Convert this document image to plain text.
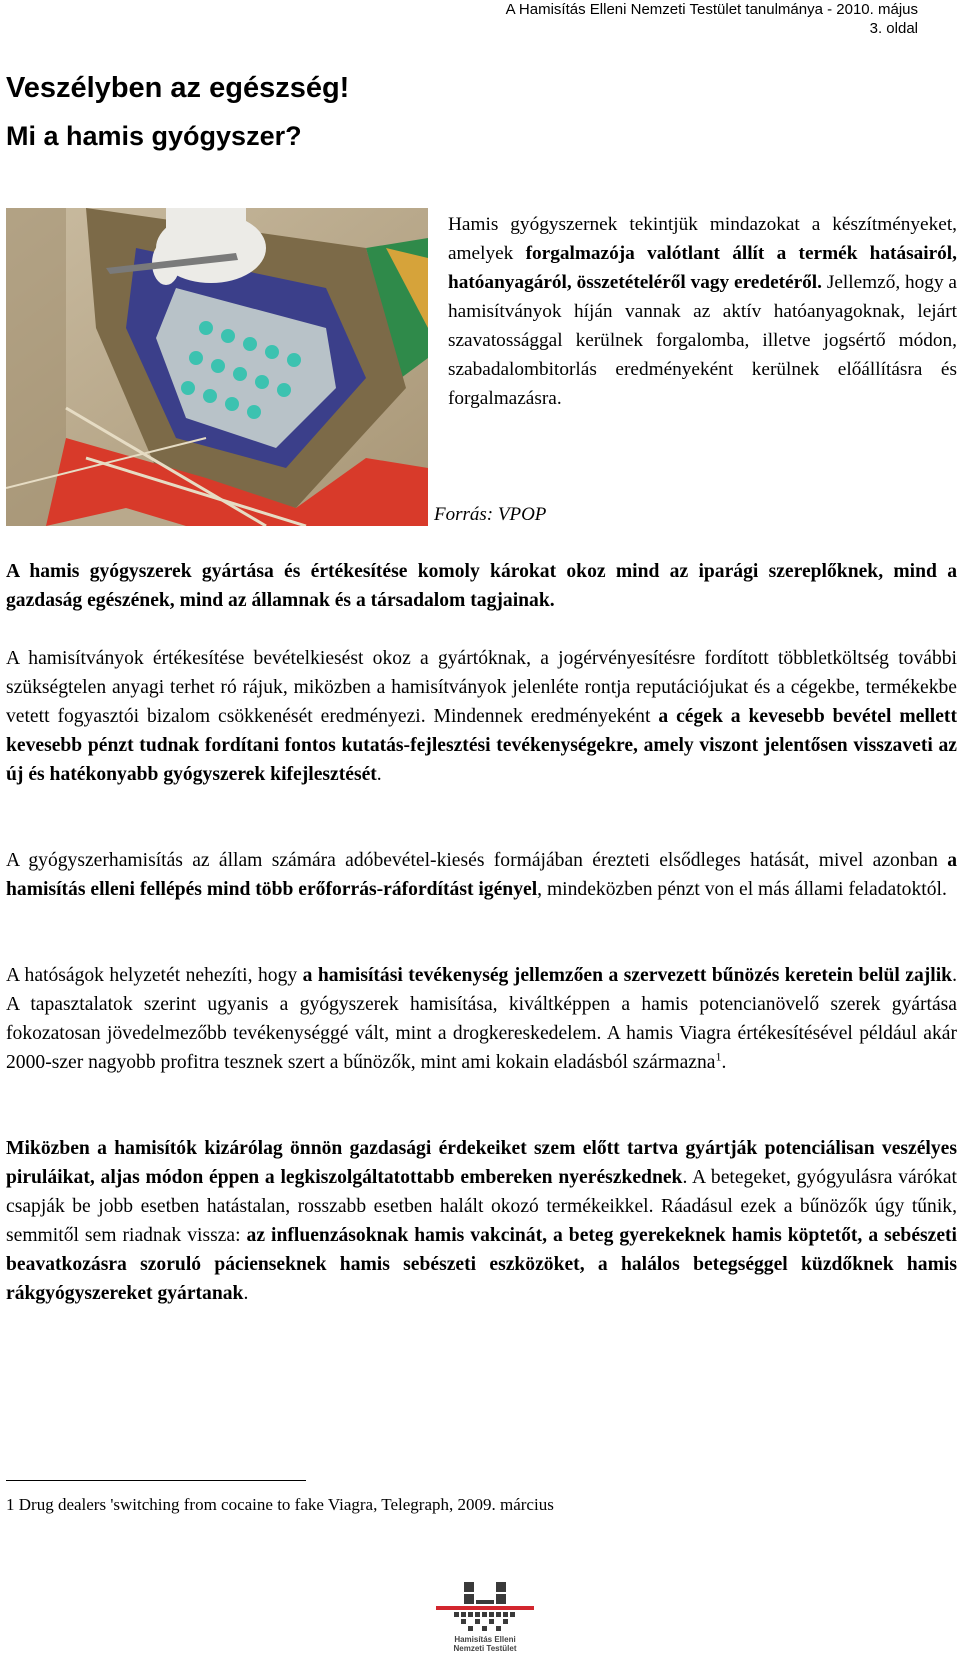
A Hamisítás Elleni Nemzeti Testület tanulmánya - 2010. május
3. oldal
Veszélyben az egészség!
Mi a hamis gyógyszer?

Hamis gyógyszernek tekintjük mindazokat a készítményeket, amelyek forgalmazója valótlant állít a termék hatásairól, hatóanyagáról, összetételéről vagy eredetéről. Jellemző, hogy a hamisítványok híján vannak az aktív hatóanyagoknak, lejárt szavatossággal kerülnek forgalomba, illetve jogsértő módon, szabadalombitorlás eredményeként kerülnek előállításra és forgalmazásra.

Forrás: VPOP

A hamis gyógyszerek gyártása és értékesítése komoly károkat okoz mind az iparági szereplőknek, mind a gazdaság egészének, mind az államnak és a társadalom tagjainak.

A hamisítványok értékesítése bevételkiesést okoz a gyártóknak, a jogérvényesítésre fordított többletköltség további szükségtelen anyagi terhet ró rájuk, miközben a hamisítványok jelenléte rontja reputációjukat és a cégekbe, termékekbe vetett fogyasztói bizalom csökkenését eredményezi. Mindennek eredményeként a cégek a kevesebb bevétel mellett kevesebb pénzt tudnak fordítani fontos kutatás-fejlesztési tevékenységekre, amely viszont jelentősen visszaveti az új és hatékonyabb gyógyszerek kifejlesztését.

A gyógyszerhamisítás az állam számára adóbevétel-kiesés formájában érezteti elsődleges hatását, mivel azonban a hamisítás elleni fellépés mind több erőforrás-ráfordítást igényel, mindeközben pénzt von el más állami feladatoktól.

A hatóságok helyzetét nehezíti, hogy a hamisítási tevékenység jellemzően a szervezett bűnözés keretein belül zajlik. A tapasztalatok szerint ugyanis a gyógyszerek hamisítása, kiváltképpen a hamis potencianövelő szerek gyártása fokozatosan jövedelmezőbb tevékenységgé vált, mint a drogkereskedelem. A hamis Viagra értékesítésével például akár 2000-szer nagyobb profitra tesznek szert a bűnözők, mint ami kokain eladásból származna$^1$.

Miközben a hamisítók kizárólag önnön gazdasági érdekeiket szem előtt tartva gyártják potenciálisan veszélyes piruláikat, aljas módon éppen a legkiszolgáltatottabb embereken nyerészkednek. A betegeket, gyógyulásra várókat csapják be jobb esetben hatástalan, rosszabb esetben halált okozó termékeikkel. Ráadásul ezek a bűnözők úgy tűnik, semmitől sem riadnak vissza: az influenzásoknak hamis vakcinát, a beteg gyerekeknek hamis köptetőt, a sebészeti beavatkozásra szoruló pácienseknek hamis sebészeti eszközöket, a halálos betegséggel küzdőknek hamis rákgyógyszereket gyártanak.

1 Drug dealers 'switching from cocaine to fake Viagra, Telegraph, 2009. március

Hamisítás Elleni
Nemzeti Testület
